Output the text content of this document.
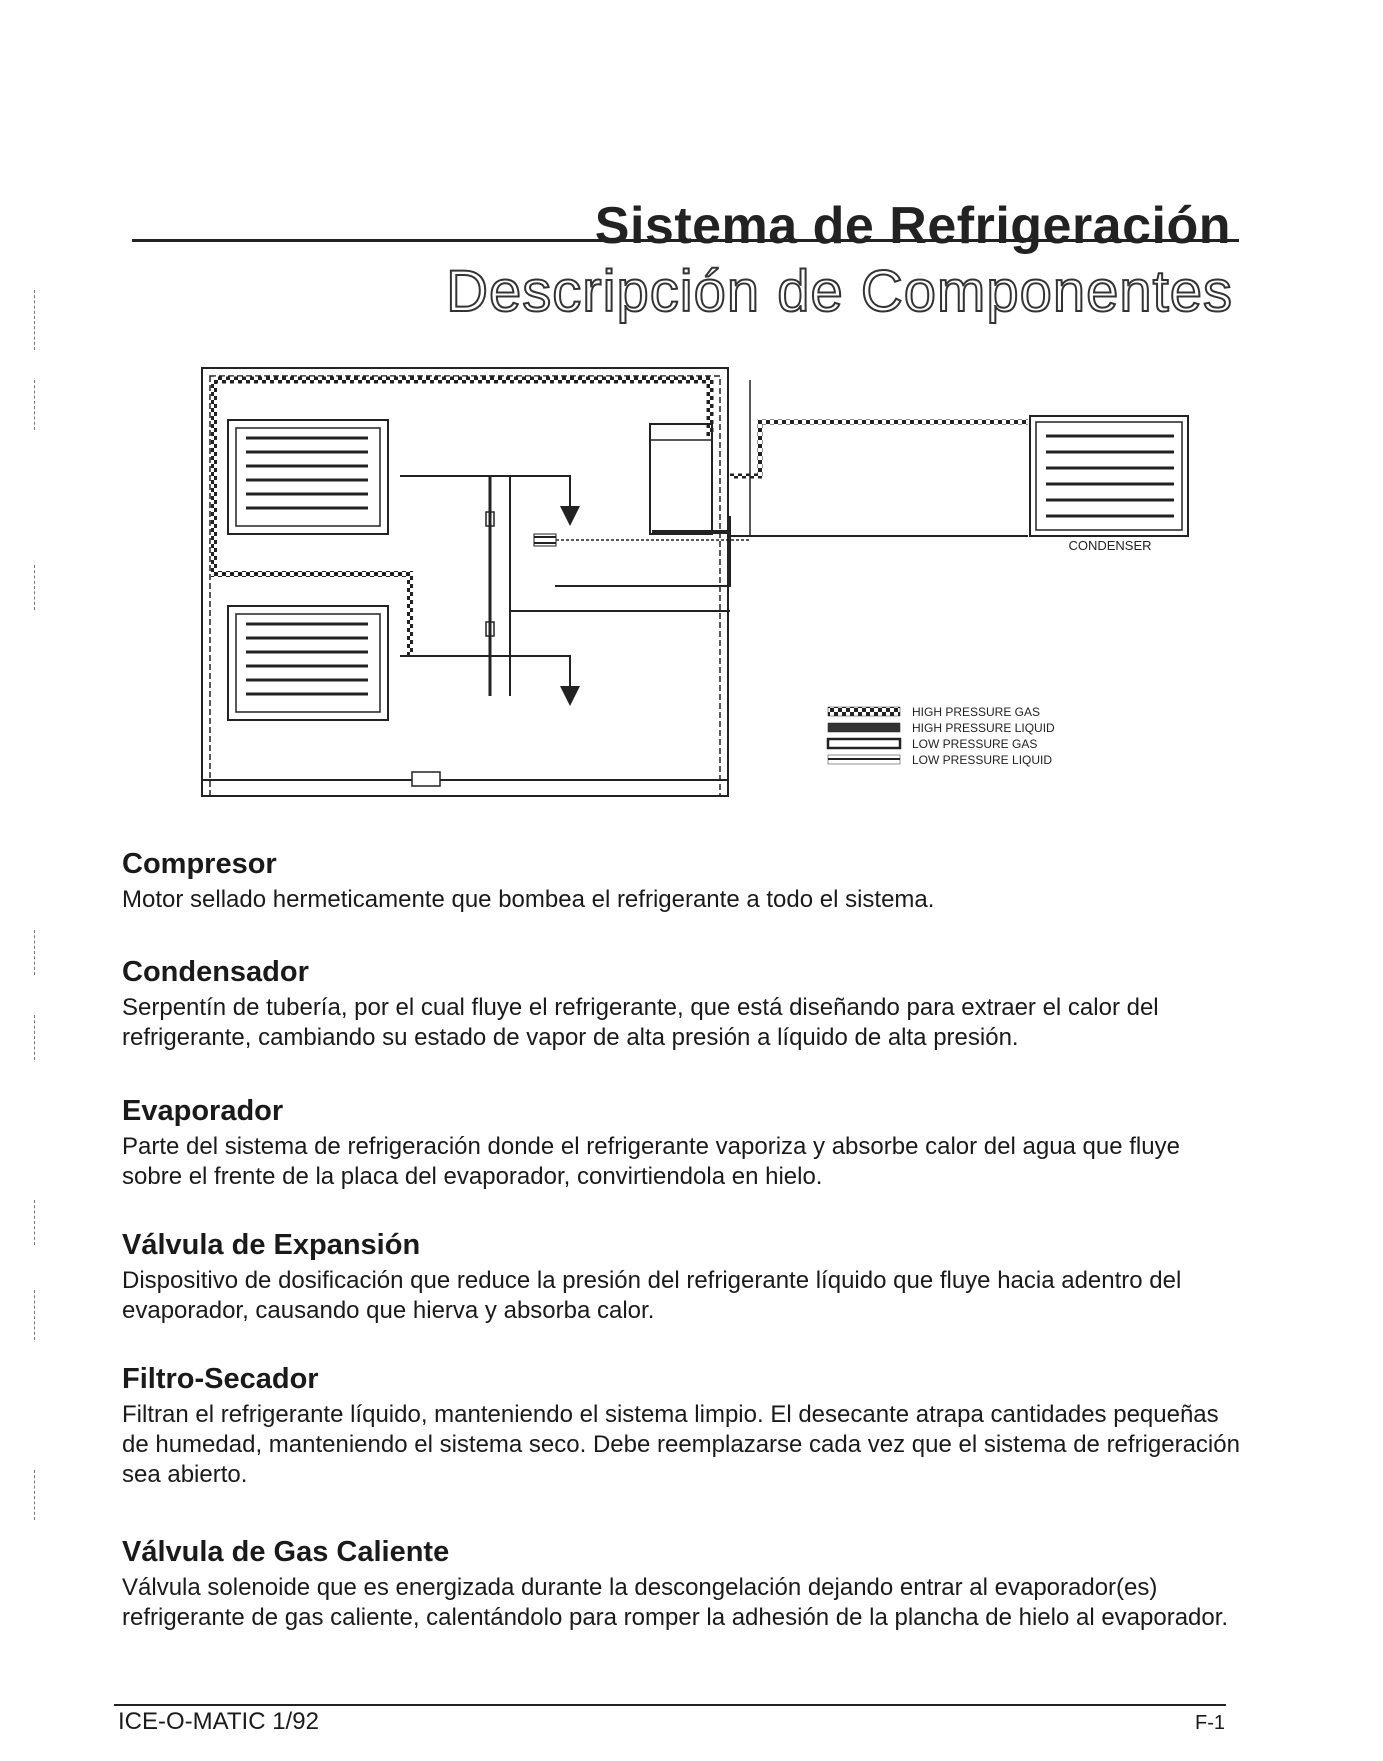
Sistema de Refrigeración
Descripción de Componentes
CONDENSER
HIGH PRESSURE GAS
HIGH PRESSURE LIQUID
LOW PRESSURE GAS
LOW PRESSURE LIQUID
Compresor

Motor sellado hermeticamente que bombea el refrigerante a todo el sistema.

Condensador

Serpentín de tubería, por el cual fluye el refrigerante, que está diseñando para extraer el calor del refrigerante, cambiando su estado de vapor de alta presión a líquido de alta presión.

Evaporador

Parte del sistema de refrigeración donde el refrigerante vaporiza y absorbe calor del agua que fluye sobre el frente de la placa del evaporador, convirtiendola en hielo.

Válvula de Expansión

Dispositivo de dosificación que reduce la presión del refrigerante líquido que fluye hacia adentro del evaporador, causando que hierva y absorba calor.

Filtro-Secador

Filtran el refrigerante líquido, manteniendo el sistema limpio. El desecante atrapa cantidades pequeñas de humedad, manteniendo el sistema seco. Debe reemplazarse cada vez que el sistema de refrigeración sea abierto.

Válvula de Gas Caliente

Válvula solenoide que es energizada durante la descongelación dejando entrar al evaporador(es) refrigerante de gas caliente, calentándolo para romper la adhesión de la plancha de hielo al evaporador.

ICE-O-MATIC 1/92	F-1
